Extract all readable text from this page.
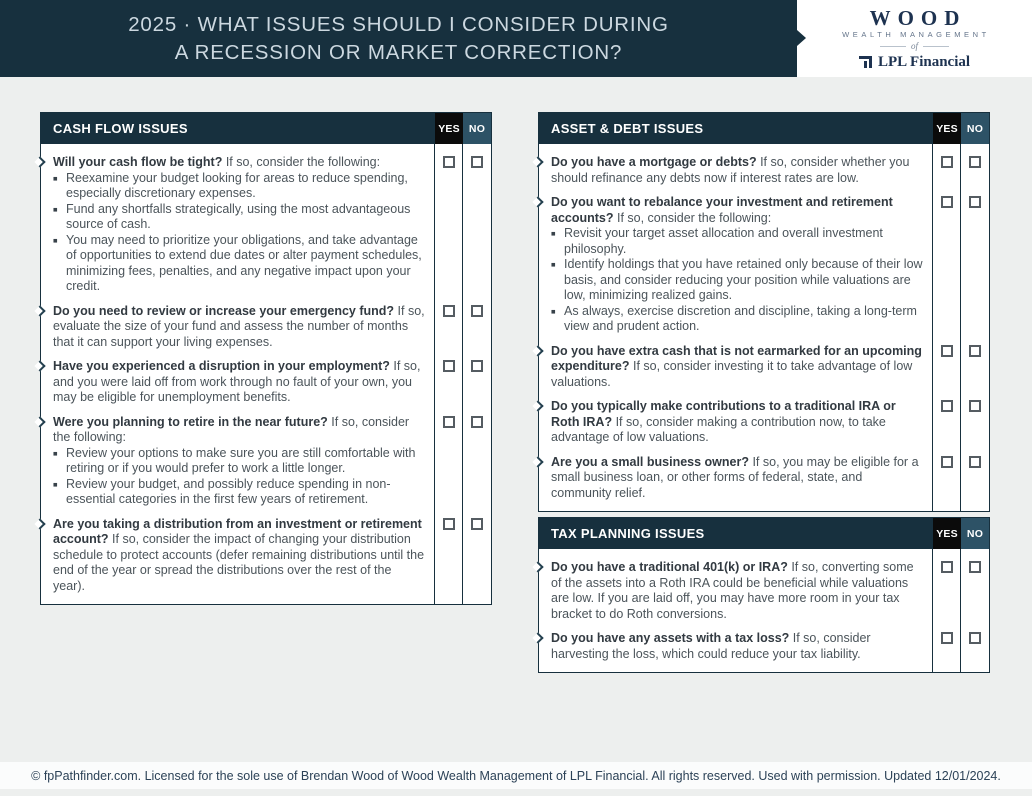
2025 · WHAT ISSUES SHOULD I CONSIDER DURING
A RECESSION OR MARKET CORRECTION?
WOOD
WEALTH MANAGEMENT
of
LPL Financial
CASH FLOW ISSUES	YES NO

Will your cash flow be tight? If so, consider the following:

■ Reexamine your budget looking for areas to reduce spending, especially discretionary expenses.
■ Fund any shortfalls strategically, using the most advantageous source of cash.
■ You may need to prioritize your obligations, and take advantage of opportunities to extend due dates or alter payment schedules, minimizing fees, penalties, and any negative impact upon your credit.

Do you need to review or increase your emergency fund? If so, evaluate the size of your fund and assess the number of months that it can support your living expenses.

Have you experienced a disruption in your employment? If so, and you were laid off from work through no fault of your own, you may be eligible for unemployment benefits.

Were you planning to retire in the near future? If so, consider the following:

■ Review your options to make sure you are still comfortable with retiring or if you would prefer to work a little longer.
■ Review your budget, and possibly reduce spending in non-essential categories in the first few years of retirement.

Are you taking a distribution from an investment or retirement account? If so, consider the impact of changing your distribution schedule to protect accounts (defer remaining distributions until the end of the year or spread the distributions over the rest of the year).

ASSET & DEBT ISSUES	YES NO

Do you have a mortgage or debts? If so, consider whether you should refinance any debts now if interest rates are low.

Do you want to rebalance your investment and retirement accounts? If so, consider the following:

■ Revisit your target asset allocation and overall investment philosophy.
■ Identify holdings that you have retained only because of their low basis, and consider reducing your position while valuations are low, minimizing realized gains.
■ As always, exercise discretion and discipline, taking a long-term view and prudent action.

Do you have extra cash that is not earmarked for an upcoming expenditure? If so, consider investing it to take advantage of low valuations.

Do you typically make contributions to a traditional IRA or Roth IRA? If so, consider making a contribution now, to take advantage of low valuations.

Are you a small business owner? If so, you may be eligible for a small business loan, or other forms of federal, state, and community relief.

TAX PLANNING ISSUES	YES NO

Do you have a traditional 401(k) or IRA? If so, converting some of the assets into a Roth IRA could be beneficial while valuations are low. If you are laid off, you may have more room in your tax bracket to do Roth conversions.

Do you have any assets with a tax loss? If so, consider harvesting the loss, which could reduce your tax liability.

© fpPathfinder.com. Licensed for the sole use of Brendan Wood of Wood Wealth Management of LPL Financial. All rights reserved. Used with permission. Updated 12/01/2024.
